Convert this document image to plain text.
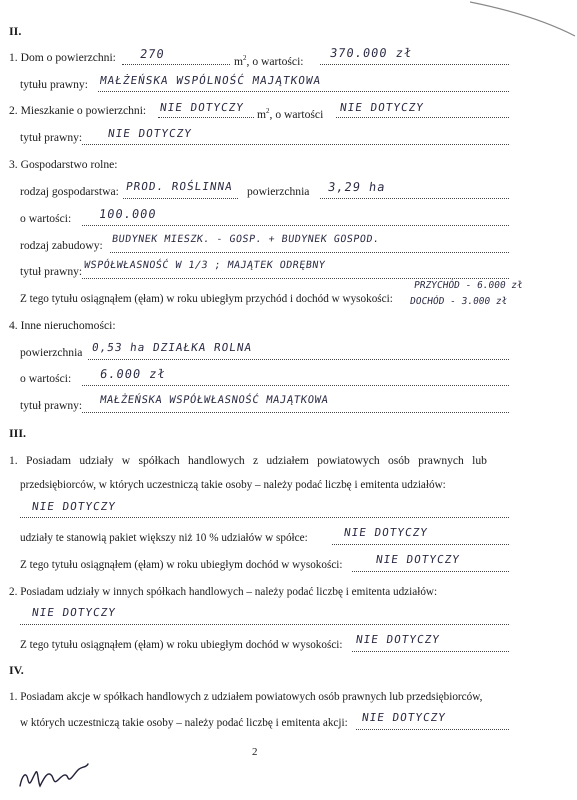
II.
1. Dom o powierzchni: 270
$m^2$, o wartości:
370.000 zł
tytułu prawny: MAŁŻEŃSKA WSPÓLNOŚĆ MAJĄTKOWA
2. Mieszkanie o powierzchni: NIE DOTYCZY
$m^2$, o wartości
NIE DOTYCZY
tytuł prawny: NIE DOTYCZY
3. Gospodarstwo rolne:
rodzaj gospodarstwa: PROD. ROŚLINNA powierzchnia 3,29 ha
o wartości: 100.000
rodzaj zabudowy: BUDYNEK MIESZK. - GOSP. + BUDYNEK GOSPOD.
tytuł prawny: WSPÓŁWŁASNOŚĆ W 1/3 ; MAJĄTEK ODRĘBNY
Z tego tytułu osiągnąłem (ęłam) w roku ubiegłym przychód i dochód w wysokości:
PRZYCHÓD - 6.000 zł
DOCHÓD - 3.000 zł
4. Inne nieruchomości:
powierzchnia 0,53 ha DZIAŁKA ROLNA
o wartości: 6.000 zł
tytuł prawny: MAŁŻEŃSKA WSPÓŁWŁASNOŚĆ MAJĄTKOWA
III.
1. Posiadam udziały w spółkach handlowych z udziałem powiatowych osób prawnych lub
przedsiębiorców, w których uczestniczą takie osoby – należy podać liczbę i emitenta udziałów:
NIE DOTYCZY
udziały te stanowią pakiet większy niż 10 % udziałów w spółce:	NIE DOTYCZY
Z tego tytułu osiągnąłem (ęłam) w roku ubiegłym dochód w wysokości:	NIE DOTYCZY
2. Posiadam udziały w innych spółkach handlowych – należy podać liczbę i emitenta udziałów:
NIE DOTYCZY
Z tego tytułu osiągnąłem (ęłam) w roku ubiegłym dochód w wysokości: NIE DOTYCZY
IV.
1. Posiadam akcje w spółkach handlowych z udziałem powiatowych osób prawnych lub przedsiębiorców,
w których uczestniczą takie osoby – należy podać liczbę i emitenta akcji: NIE DOTYCZY
2
